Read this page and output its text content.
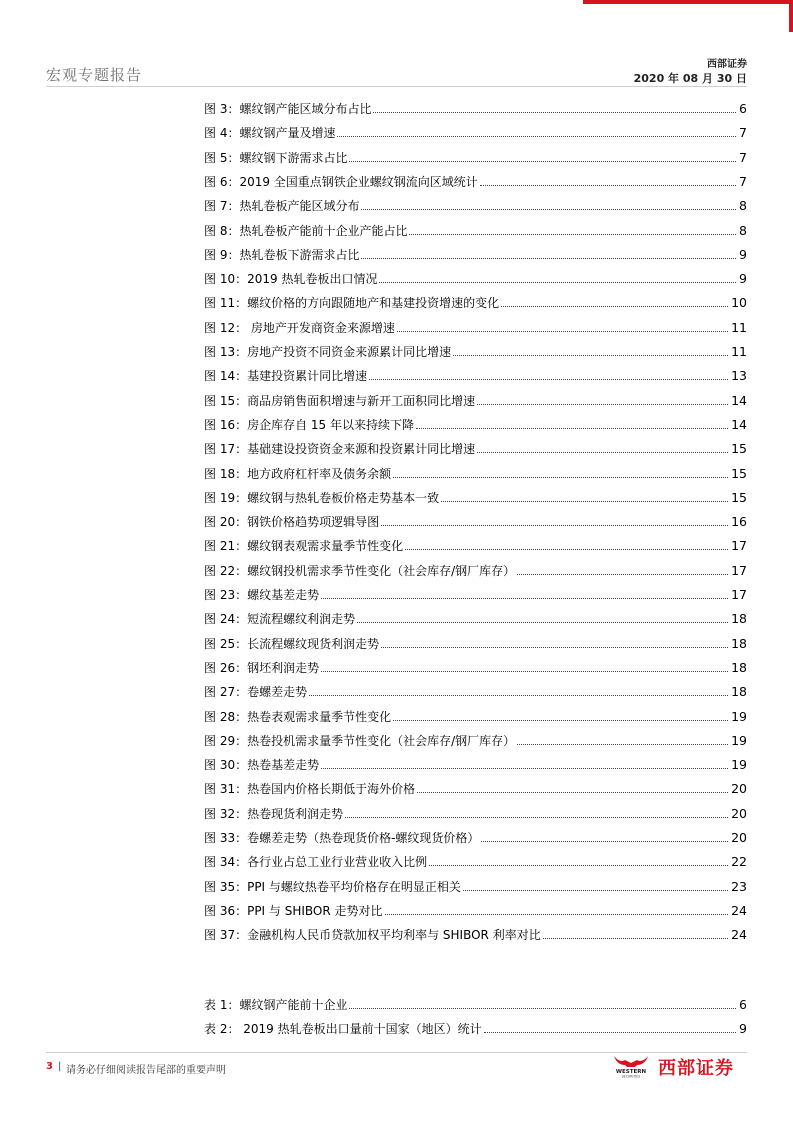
宏观专题报告
西部证券
2020 年 08 月 30 日
图 3：螺纹钢产能区域分布占比	6
图 4：螺纹钢产量及增速	7
图 5：螺纹钢下游需求占比	7
图 6：2019 全国重点钢铁企业螺纹钢流向区域统计	7
图 7：热轧卷板产能区域分布	8
图 8：热轧卷板产能前十企业产能占比	8
图 9：热轧卷板下游需求占比	9
图 10：2019 热轧卷板出口情况	9
图 11：螺纹价格的方向跟随地产和基建投资增速的变化	10
图 12： 房地产开发商资金来源增速	11
图 13：房地产投资不同资金来源累计同比增速	11
图 14：基建投资累计同比增速	13
图 15：商品房销售面积增速与新开工面积同比增速	14
图 16：房企库存自 15 年以来持续下降	14
图 17：基础建设投资资金来源和投资累计同比增速	15
图 18：地方政府杠杆率及债务余额	15
图 19：螺纹钢与热轧卷板价格走势基本一致	15
图 20：钢铁价格趋势项逻辑导图	16
图 21：螺纹钢表观需求量季节性变化	17
图 22：螺纹钢投机需求季节性变化（社会库存/钢厂库存）	17
图 23：螺纹基差走势	17
图 24：短流程螺纹利润走势	18
图 25：长流程螺纹现货利润走势	18
图 26：钢坯利润走势	18
图 27：卷螺差走势	18
图 28：热卷表观需求量季节性变化	19
图 29：热卷投机需求量季节性变化（社会库存/钢厂库存）	19
图 30：热卷基差走势	19
图 31：热卷国内价格长期低于海外价格	20
图 32：热卷现货利润走势	20
图 33：卷螺差走势（热卷现货价格-螺纹现货价格）	20
图 34：各行业占总工业行业营业收入比例	22
图 35：PPI 与螺纹热卷平均价格存在明显正相关	23
图 36：PPI 与 SHIBOR 走势对比	24
图 37：金融机构人民币贷款加权平均利率与 SHIBOR 利率对比	24
表 1：螺纹钢产能前十企业	6
表 2： 2019 热轧卷板出口量前十国家（地区）统计	9
3 | 请务必仔细阅读报告尾部的重要声明	WESTERN
SECURITIES 西部证券
